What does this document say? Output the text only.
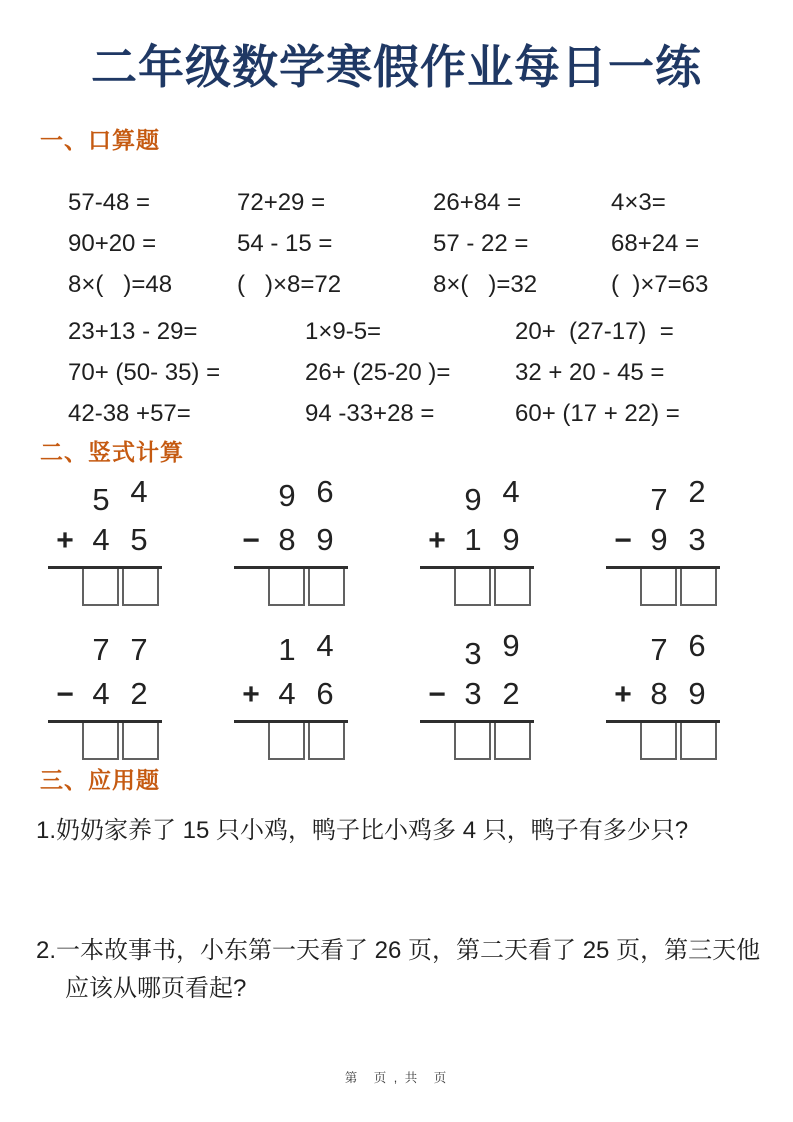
二年级数学寒假作业每日一练
一、口算题
57-48 =	72+29 =	26+84 =	4×3=
90+20 =	54 - 15 =	57 - 22 =	68+24 =
8×(   )=48	(   )×8=72	8×(   )=32	(  )×7=63
23+13 - 29=	1×9-5=	20+  (27-17)  =
70+ (50- 35) =	26+ (25-20 )=	32 + 20 - 45 =
42-38 +57=	94 -33+28 =	60+ (17 + 22) =
二、竖式计算
5 4
+ 4 5
9 6
− 8 9
9 4
+ 1 9
7 2
− 9 3
7 7
− 4 2
1 4
+ 4 6
3 9
− 3 2
7 6
+ 8 9
三、应用题

1.奶奶家养了 15 只小鸡，鸭子比小鸡多 4 只，鸭子有多少只?

2.一本故事书，小东第一天看了 26 页，第二天看了 25 页，第三天他应该从哪页看起?

第　页 , 共　页
